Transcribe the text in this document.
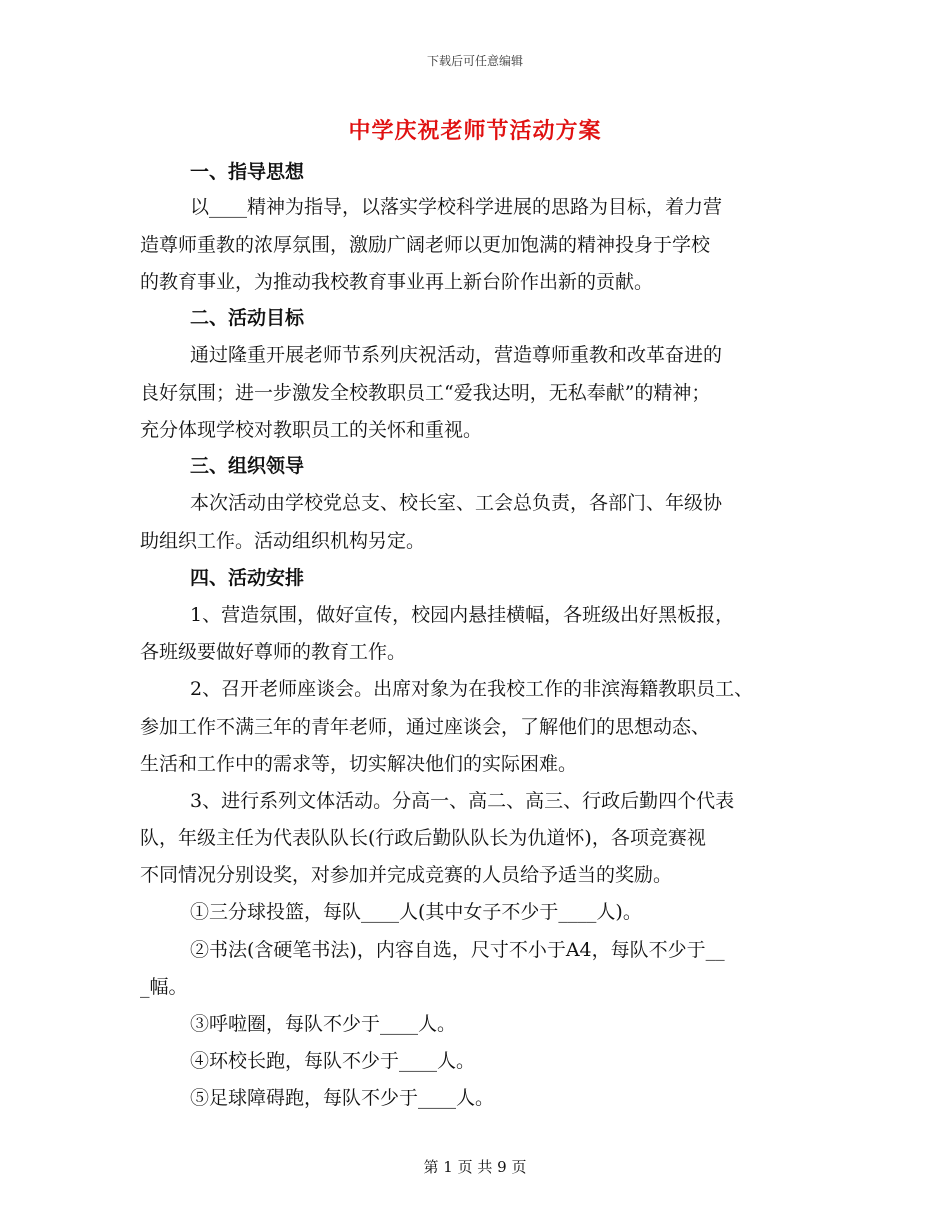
下载后可任意编辑
中学庆祝老师节活动方案
一、指导思想
以____精神为指导，以落实学校科学进展的思路为目标，着力营
造尊师重教的浓厚氛围，激励广阔老师以更加饱满的精神投身于学校
的教育事业，为推动我校教育事业再上新台阶作出新的贡献。
二、活动目标
通过隆重开展老师节系列庆祝活动，营造尊师重教和改革奋进的
良好氛围；进一步激发全校教职员工“爱我达明，无私奉献”的精神；
充分体现学校对教职员工的关怀和重视。
三、组织领导
本次活动由学校党总支、校长室、工会总负责，各部门、年级协
助组织工作。活动组织机构另定。
四、活动安排
1、营造氛围，做好宣传，校园内悬挂横幅，各班级出好黑板报，
各班级要做好尊师的教育工作。
2、召开老师座谈会。出席对象为在我校工作的非滨海籍教职员工、
参加工作不满三年的青年老师，通过座谈会，了解他们的思想动态、
生活和工作中的需求等，切实解决他们的实际困难。
3、进行系列文体活动。分高一、高二、高三、行政后勤四个代表
队，年级主任为代表队队长(行政后勤队队长为仇道怀)，各项竞赛视
不同情况分别设奖，对参加并完成竞赛的人员给予适当的奖励。
①三分球投篮，每队____人(其中女子不少于____人)。
②书法(含硬笔书法)，内容自选，尺寸不小于A4，每队不少于__
_幅。
③呼啦圈，每队不少于____人。
④环校长跑，每队不少于____人。
⑤足球障碍跑，每队不少于____人。
第 1 页 共 9 页
